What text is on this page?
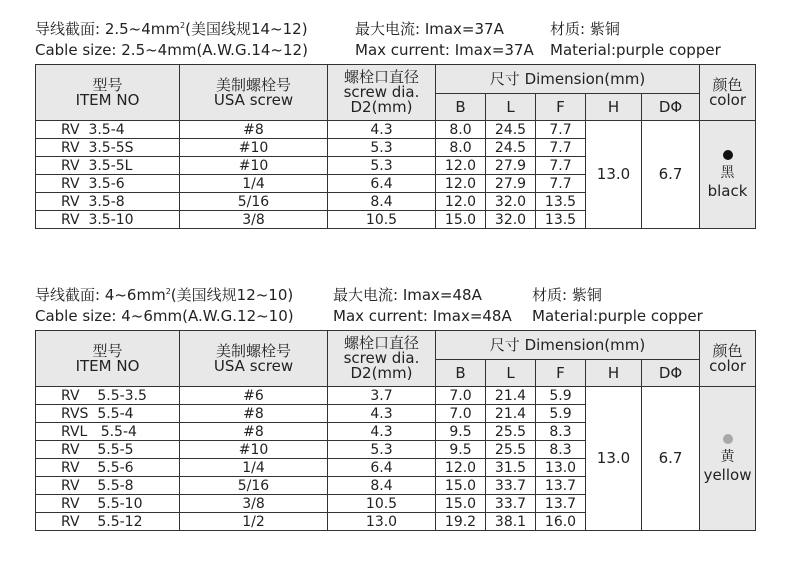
导线截面: $2.5\sim 4mm^2$(美国线规14~12)	最大电流: Imax=37A	材质: 紫铜
Cable size: 2.5~4mm(A.W.G.14~12)	Max current: Imax=37A Material:purple copper
型号
ITEM NO	美制螺栓号
USA screw	螺栓口直径
screw dia.
D2(mm)	尺寸 Dimension(mm)					颜色
color

			B	L	F	H	DΦ	
RV  3.5-4	#8	4.3	8.0	24.5	7.7	13.0	6.7	黑
black

RV  3.5-5S	#10	5.3	8.0	24.5	7.7			
RV  3.5-5L	#10	5.3	12.0	27.9	7.7			
RV  3.5-6	1/4	6.4	12.0	27.9	7.7			
RV  3.5-8	5/16	8.4	12.0	32.0	13.5			
RV  3.5-10	3/8	10.5	15.0	32.0	13.5			
导线截面: $4\sim 6mm^2$(美国线规12~10)	最大电流: Imax=48A	材质: 紫铜
Cable size: 4~6mm(A.W.G.12~10)	Max current: Imax=48A Material:purple copper
型号
ITEM NO	美制螺栓号
USA screw	螺栓口直径
screw dia.
D2(mm)	尺寸 Dimension(mm)					颜色
color

			B	L	F	H	DΦ	
RV    5.5-3.5	#6	3.7	7.0	21.4	5.9	13.0	6.7	黄
yellow

RVS  5.5-4	#8	4.3	7.0	21.4	5.9			
RVL   5.5-4	#8	4.3	9.5	25.5	8.3			
RV    5.5-5	#10	5.3	9.5	25.5	8.3			
RV    5.5-6	1/4	6.4	12.0	31.5	13.0			
RV    5.5-8	5/16	8.4	15.0	33.7	13.7			
RV    5.5-10	3/8	10.5	15.0	33.7	13.7			
RV    5.5-12	1/2	13.0	19.2	38.1	16.0			
